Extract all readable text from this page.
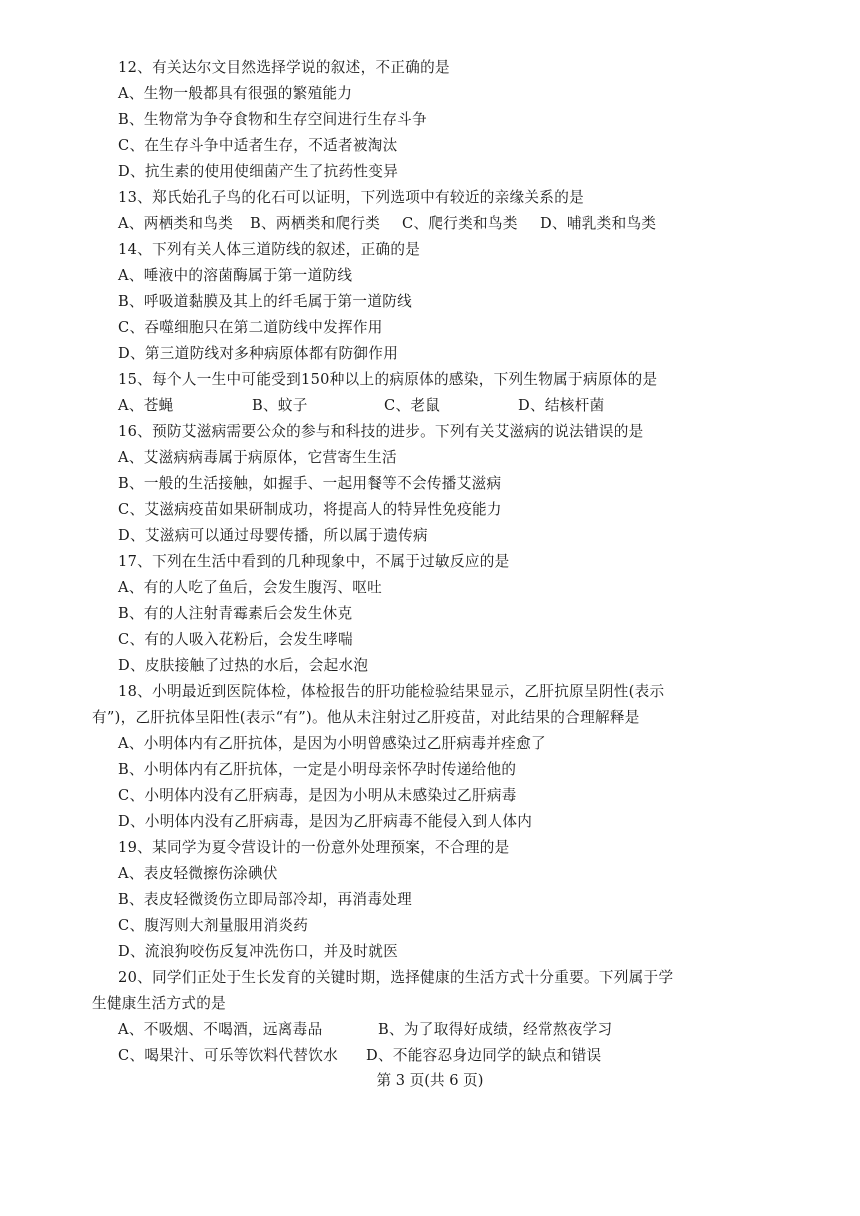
12、有关达尔文目然选择学说的叙述，不正确的是
A、生物一般都具有很强的繁殖能力
B、生物常为争夺食物和生存空间进行生存斗争
C、在生存斗争中适者生存，不适者被淘汰
D、抗生素的使用使细菌产生了抗药性变异
13、郑氏始孔子鸟的化石可以证明，下列选项中有较近的亲缘关系的是
A、两栖类和鸟类 B、两栖类和爬行类 C、爬行类和鸟类 D、哺乳类和鸟类
14、下列有关人体三道防线的叙述，正确的是
A、唾液中的溶菌酶属于第一道防线
B、呼吸道黏膜及其上的纤毛属于第一道防线
C、吞噬细胞只在第二道防线中发挥作用
D、第三道防线对多种病原体都有防御作用
15、每个人一生中可能受到150种以上的病原体的感染，下列生物属于病原体的是
A、苍蝇	B、蚊子	C、老鼠	D、结核杆菌
16、预防艾滋病需要公众的参与和科技的进步。下列有关艾滋病的说法错误的是
A、艾滋病病毒属于病原体，它营寄生生活
B、一般的生活接触，如握手、一起用餐等不会传播艾滋病
C、艾滋病疫苗如果研制成功，将提高人的特异性免疫能力
D、艾滋病可以通过母婴传播，所以属于遗传病
17、下列在生活中看到的几种现象中，不属于过敏反应的是
A、有的人吃了鱼后，会发生腹泻、呕吐
B、有的人注射青霉素后会发生休克
C、有的人吸入花粉后，会发生哮喘
D、皮肤接触了过热的水后，会起水泡
18、小明最近到医院体检，体检报告的肝功能检验结果显示，乙肝抗原呈阴性(表示
有”)，乙肝抗体呈阳性(表示“有”)。他从未注射过乙肝疫苗，对此结果的合理解释是
A、小明体内有乙肝抗体，是因为小明曾感染过乙肝病毒并痊愈了
B、小明体内有乙肝抗体，一定是小明母亲怀孕时传递给他的
C、小明体内没有乙肝病毒，是因为小明从未感染过乙肝病毒
D、小明体内没有乙肝病毒，是因为乙肝病毒不能侵入到人体内
19、某同学为夏令营设计的一份意外处理预案，不合理的是
A、表皮轻微擦伤涂碘伏
B、表皮轻微烫伤立即局部冷却，再消毒处理
C、腹泻则大剂量服用消炎药
D、流浪狗咬伤反复冲洗伤口，并及时就医
20、同学们正处于生长发育的关键时期，选择健康的生活方式十分重要。下列属于学
生健康生活方式的是
A、不吸烟、不喝酒，远离毒品	B、为了取得好成绩，经常熬夜学习
C、喝果汁、可乐等饮料代替饮水 D、不能容忍身边同学的缺点和错误
第 3 页(共 6 页)
